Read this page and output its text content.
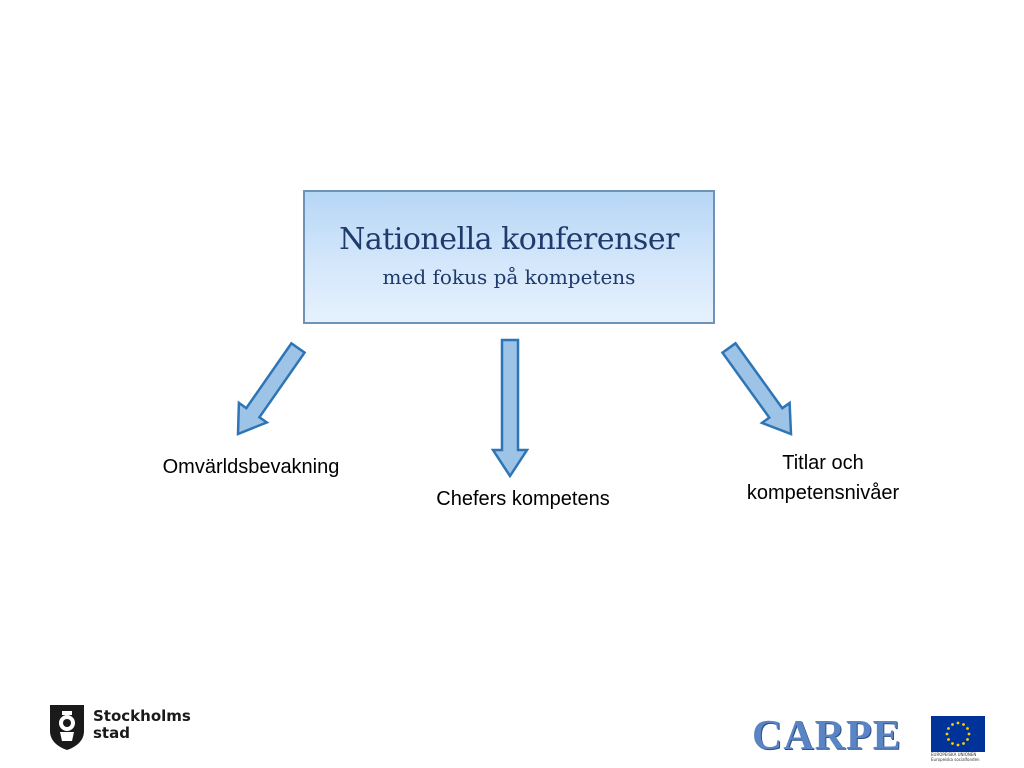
Nationella konferenser
med fokus på kompetens
Omvärldsbevakning
Chefers kompetens
Titlar och
kompetensnivåer
Stockholms
stad	CARPE	EUROPEISKA UNIONEN
Europeiska socialfonden
